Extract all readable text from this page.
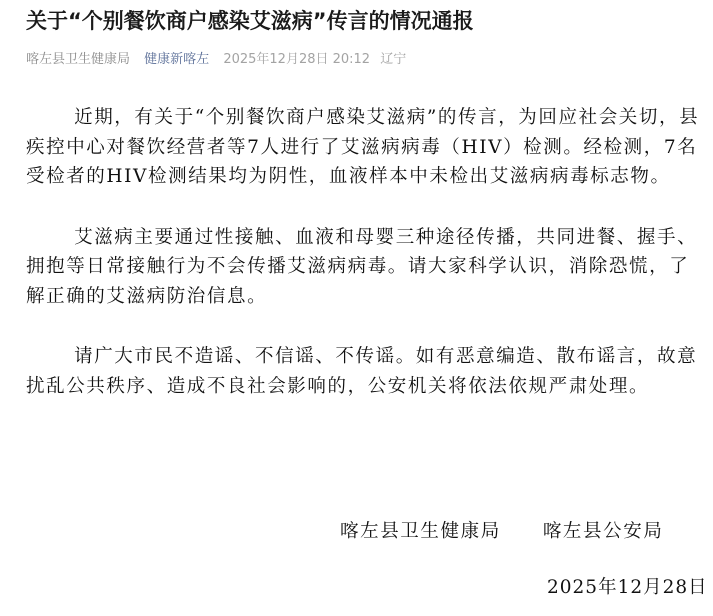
关于“个别餐饮商户感染艾滋病”传言的情况通报
喀左县卫生健康局 健康新喀左 2025年12月28日 20:12 辽宁

近期，有关于“个别餐饮商户感染艾滋病”的传言，为回应社会关切，县疾控中心对餐饮经营者等7人进行了艾滋病病毒（HIV）检测。经检测，7名受检者的HIV检测结果均为阴性，血液样本中未检出艾滋病病毒标志物。

艾滋病主要通过性接触、血液和母婴三种途径传播，共同进餐、握手、拥抱等日常接触行为不会传播艾滋病病毒。请大家科学认识，消除恐慌，了解正确的艾滋病防治信息。

请广大市民不造谣、不信谣、不传谣。如有恶意编造、散布谣言，故意扰乱公共秩序、造成不良社会影响的，公安机关将依法依规严肃处理。

喀左县卫生健康局 喀左县公安局
2025年12月28日
